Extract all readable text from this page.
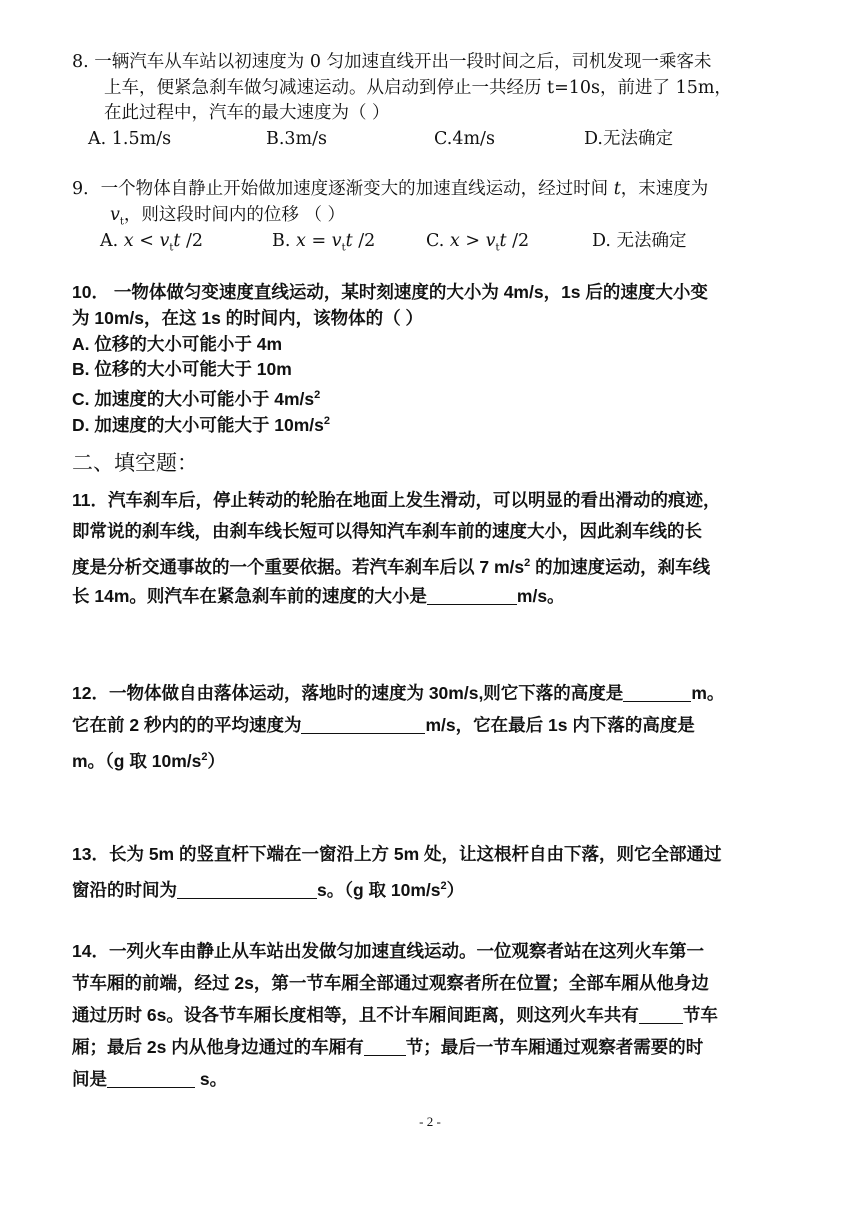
8. 一辆汽车从车站以初速度为 0 匀加速直线开出一段时间之后，司机发现一乘客未
上车，便紧急刹车做匀减速运动。从启动到停止一共经历 t=10s，前进了 15m，
在此过程中，汽车的最大速度为（ ）
A. 1.5m/s	B.3m/s	C.4m/s	D.无法确定
9．一个物体自静止开始做加速度逐渐变大的加速直线运动，经过时间 t，末速度为
$v_t$，则这段时间内的位移 （ ）
A. $x < v_tt$ /2	B. $x = v_tt$ /2	C. $x > v_tt$ /2	D. 无法确定
10． 一物体做匀变速度直线运动，某时刻速度的大小为 4m/s，1s 后的速度大小变
为 10m/s，在这 1s 的时间内，该物体的（ ）
A. 位移的大小可能小于 4m
B. 位移的大小可能大于 10m
C. 加速度的大小可能小于 $4m/s^2$
D. 加速度的大小可能大于 $10m/s^2$
二、填空题：
11．汽车刹车后，停止转动的轮胎在地面上发生滑动，可以明显的看出滑动的痕迹，
即常说的刹车线，由刹车线长短可以得知汽车刹车前的速度大小，因此刹车线的长
度是分析交通事故的一个重要依据。若汽车刹车后以 7 $m/s^2$ 的加速度运动，刹车线
长 14m。则汽车在紧急刹车前的速度的大小是	m/s。
12．一物体做自由落体运动，落地时的速度为 30m/s,则它下落的高度是	m。
它在前 2 秒内的的平均速度为	m/s，它在最后 1s 内下落的高度是
m。（g 取 $10m/s^2$）
13．长为 5m 的竖直杆下端在一窗沿上方 5m 处，让这根杆自由下落，则它全部通过
窗沿的时间为	s。（g 取 $10m/s^2$）
14．一列火车由静止从车站出发做匀加速直线运动。一位观察者站在这列火车第一
节车厢的前端，经过 2s，第一节车厢全部通过观察者所在位置；全部车厢从他身边
通过历时 6s。设各节车厢长度相等，且不计车厢间距离，则这列火车共有	节车
厢；最后 2s 内从他身边通过的车厢有 节；最后一节车厢通过观察者需要的时
间是	s。
- 2 -
